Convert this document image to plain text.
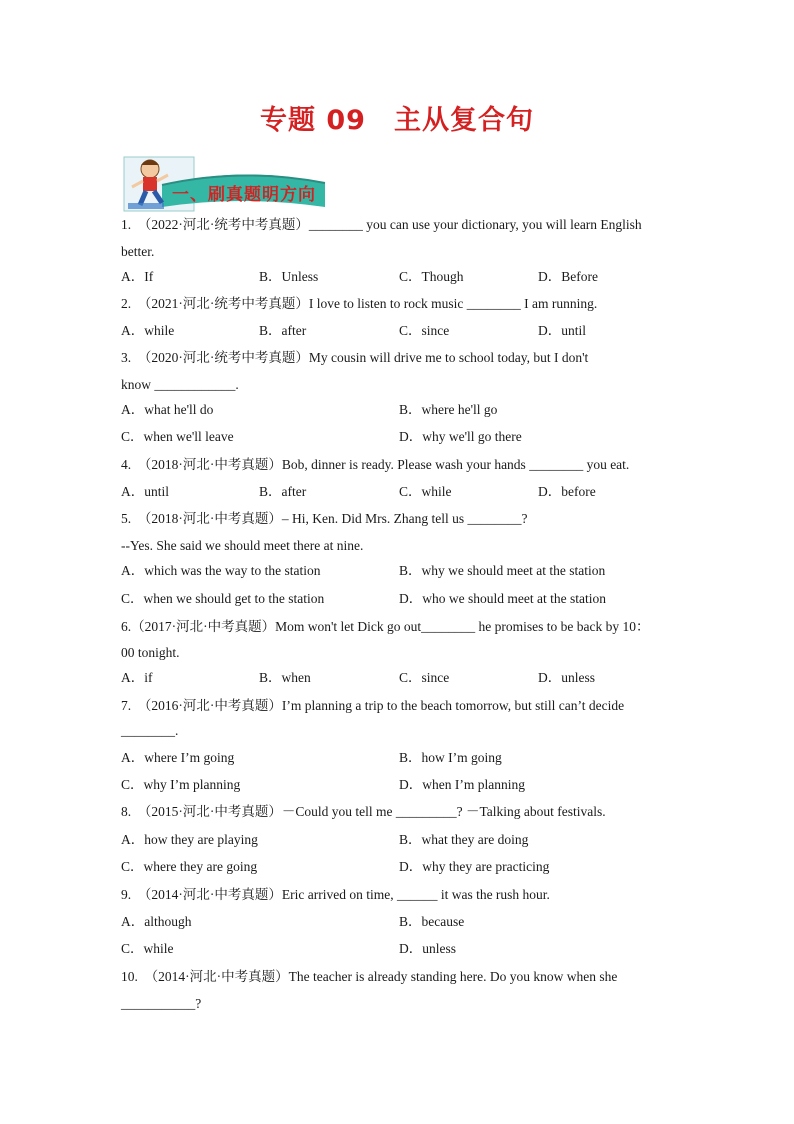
专题 09　主从复合句
一、刷真题明方向
1.　（2022·河北·统考中考真题）________ you can use your dictionary, you will learn English
better.
A．If	B．Unless	C．Though	D．Before
2.　（2021·河北·统考中考真题）I love to listen to rock music ________ I am running.
A．while	B．after	C．since	D．until
3.　（2020·河北·统考中考真题）My cousin will drive me to school today, but I don't
know ____________.
A．what he'll do	B．where he'll go
C．when we'll leave	D．why we'll go there
4.　（2018·河北·中考真题）Bob, dinner is ready. Please wash your hands ________ you eat.
A．until	B．after	C．while	D．before
5.　（2018·河北·中考真题）– Hi, Ken. Did Mrs. Zhang tell us ________?
--Yes. She said we should meet there at nine.
A．which was the way to the station	B．why we should meet at the station
C．when we should get to the station	D．who we should meet at the station
6.（2017·河北·中考真题）Mom won't let Dick go out________ he promises to be back by 10：
00 tonight.
A．if	B．when	C．since	D．unless
7.　（2016·河北·中考真题）I’m planning a trip to the beach tomorrow, but still can’t decide
________.
A．where I’m going	B．how I’m going
C．why I’m planning	D．when I’m planning
8.　（2015·河北·中考真题）－Could you tell me _________? －Talking about festivals.
A．how they are playing	B．what they are doing
C．where they are going	D．why they are practicing
9.　（2014·河北·中考真题）Eric arrived on time, ______ it was the rush hour.
A．although	B．because
C．while	D．unless
10.　（2014·河北·中考真题）The teacher is already standing here. Do you know when she
___________?
